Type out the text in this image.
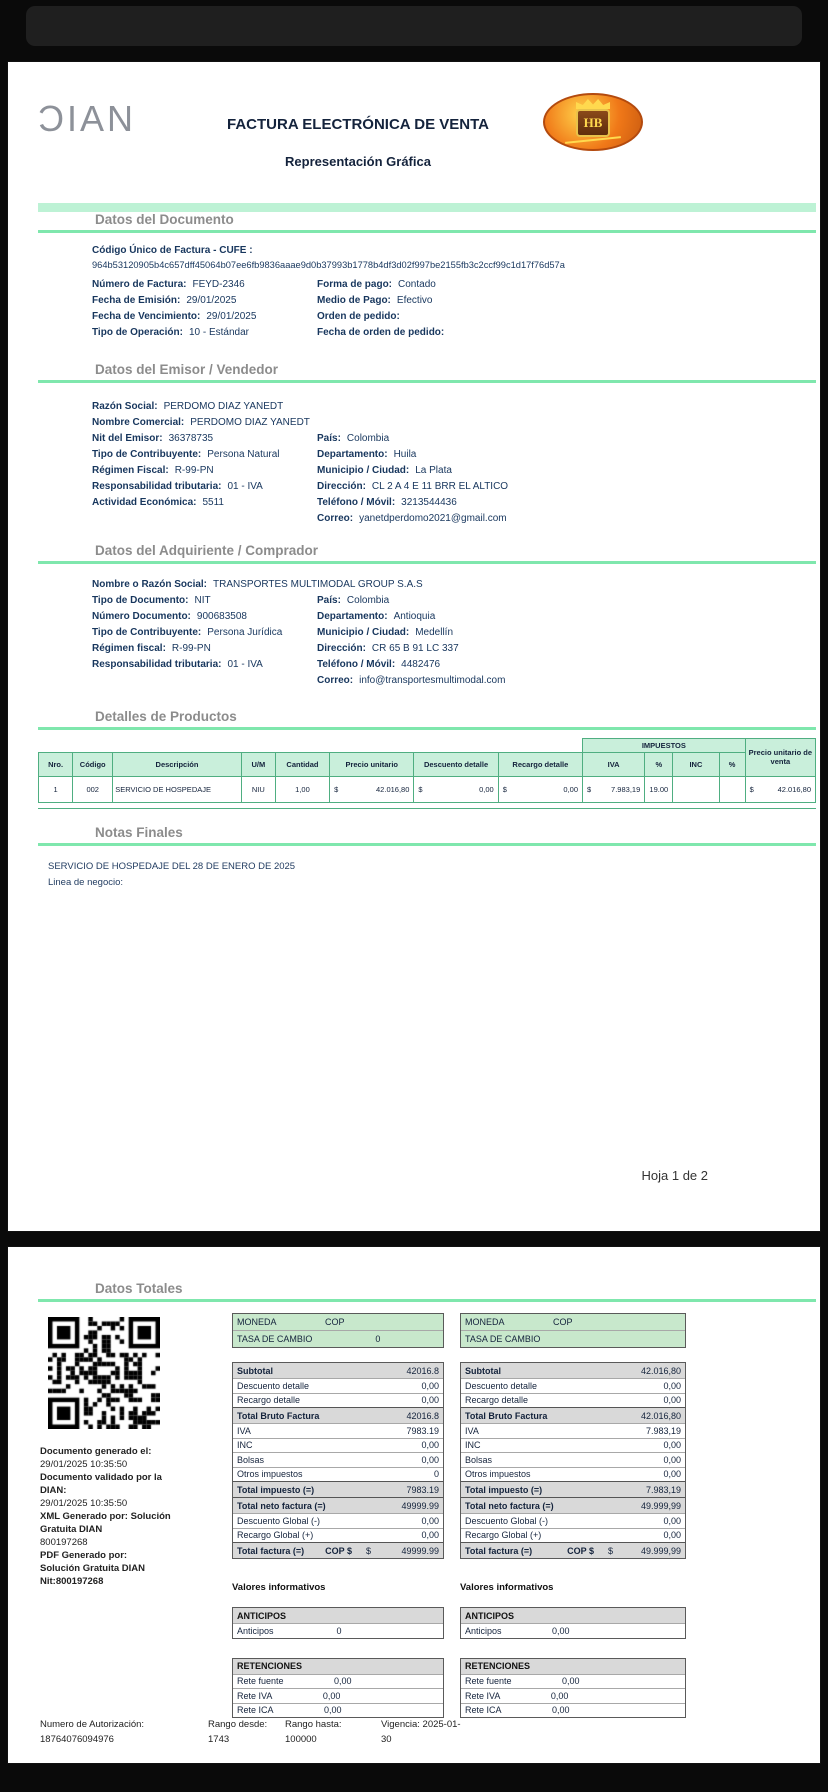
ƆIAN	FACTURA ELECTRÓNICA DE VENTA
Representación Gráfica
HB
Datos del Documento
Código Único de Factura - CUFE :
964b53120905b4c657dff45064b07ee6fb9836aaae9d0b37993b1778b4df3d02f997be2155fb3c2ccf99c1d17f76d57a
Número de Factura: FEYD-2346
Fecha de Emisión: 29/01/2025
Fecha de Vencimiento: 29/01/2025
Tipo de Operación: 10 - Estándar
Forma de pago: Contado
Medio de Pago: Efectivo
Orden de pedido:
Fecha de orden de pedido:
Datos del Emisor / Vendedor
Razón Social: PERDOMO DIAZ YANEDT
Nombre Comercial: PERDOMO DIAZ YANEDT
Nit del Emisor: 36378735
Tipo de Contribuyente: Persona Natural
Régimen Fiscal: R-99-PN
Responsabilidad tributaria: 01 - IVA
Actividad Económica: 5511
País: Colombia
Departamento: Huila
Municipio / Ciudad: La Plata
Dirección: CL 2 A 4 E 11 BRR EL ALTICO
Teléfono / Móvil: 3213544436
Correo: yanetdperdomo2021@gmail.com
Datos del Adquiriente / Comprador
Nombre o Razón Social: TRANSPORTES MULTIMODAL GROUP S.A.S
Tipo de Documento: NIT
Número Documento: 900683508
Tipo de Contribuyente: Persona Jurídica
Régimen fiscal: R-99-PN
Responsabilidad tributaria: 01 - IVA
País: Colombia
Departamento: Antioquia
Municipio / Ciudad: Medellín
Dirección: CR 65 B 91 LC 337
Teléfono / Móvil: 4482476
Correo: info@transportesmultimodal.com
Detalles de Productos
								IMPUESTOS				Precio unitario de venta
Nro.	Código	Descripción	U/M	Cantidad	Precio unitario	Descuento detalle	Recargo detalle	IVA	%	INC	%	
1	002	SERVICIO DE HOSPEDAJE	NIU	1,00	$ 42.016,80	$ 0,00	$ 0,00	$ 7.983,19	19.00			$ 42.016,80
Notas Finales
SERVICIO DE HOSPEDAJE DEL 28 DE ENERO DE 2025
Linea de negocio:
Hoja 1 de 2
Datos Totales
Documento generado el:
29/01/2025 10:35:50
Documento validado por la
DIAN:
29/01/2025 10:35:50
XML Generado por: Solución
Gratuita DIAN
800197268
PDF Generado por:
Solución Gratuita DIAN
Nit:800197268
MONEDA	COP
TASA DE CAMBIO	0
Subtotal	42016.8
Descuento detalle	0,00
Recargo detalle	0,00
Total Bruto Factura	42016.8
IVA	7983.19
INC	0,00
Bolsas	0,00
Otros impuestos	0
Total impuesto (=)	7983.19
Total neto factura (=)	49999.99
Descuento Global (-)	0,00
Recargo Global (+)	0,00
Total factura (=) COP $ $	49999.99
Valores informativos
ANTICIPOS
Anticipos	0
RETENCIONES
Rete fuente	0,00
Rete IVA	0,00
Rete ICA	0,00
MONEDA	COP
TASA DE CAMBIO
Subtotal	42.016,80
Descuento detalle	0,00
Recargo detalle	0,00
Total Bruto Factura	42.016,80
IVA	7.983,19
INC	0,00
Bolsas	0,00
Otros impuestos	0,00
Total impuesto (=)	7.983,19
Total neto factura (=)	49.999,99
Descuento Global (-)	0,00
Recargo Global (+)	0,00
Total factura (=)	COP $ $	49.999,99
Valores informativos
ANTICIPOS
Anticipos	0,00
RETENCIONES
Rete fuente	0,00
Rete IVA	0,00
Rete ICA	0,00
Numero de Autorización:
18764076094976
Rango desde:
1743
Rango hasta:
100000
Vigencia: 2025-01-
30
